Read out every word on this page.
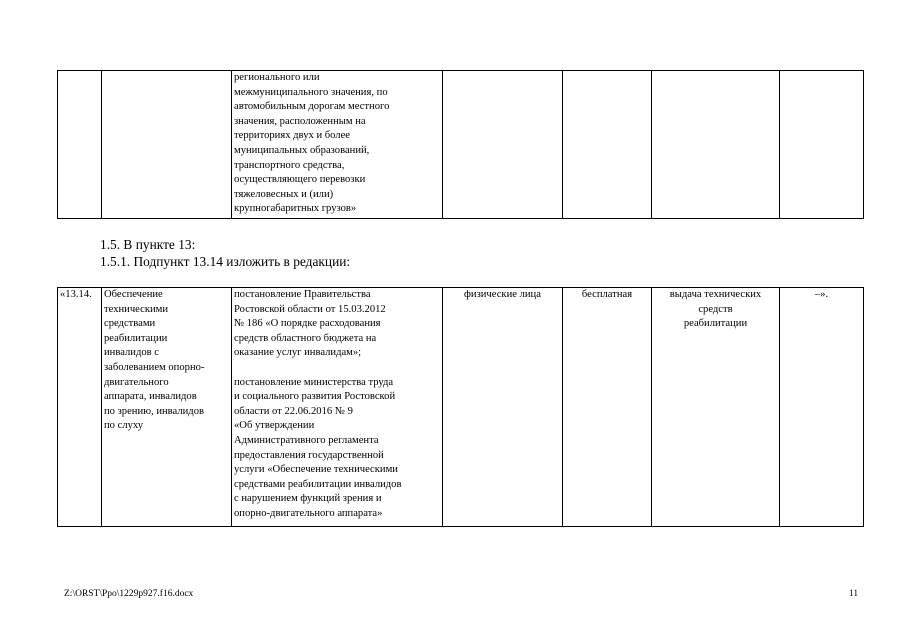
		регионального или
межмуниципального значения, по
автомобильным дорогам местного
значения, расположенным на
территориях двух и более
муниципальных образований,
транспортного средства,
осуществляющего перевозки
тяжеловесных и (или)
крупногабаритных грузов»				
1.5. В пункте 13:
1.5.1. Подпункт 13.14 изложить в редакции:
«13.14.	Обеспечение
техническими
средствами
реабилитации
инвалидов с
заболеванием опорно-
двигательного
аппарата, инвалидов
по зрению, инвалидов
по слуху	постановление Правительства
Ростовской области от 15.03.2012
№ 186 «О порядке расходования
средств областного бюджета на
оказание услуг инвалидам»;

постановление министерства труда
и социального развития Ростовской
области от 22.06.2016 № 9
«Об утверждении
Административного регламента
предоставления государственной
услуги «Обеспечение техническими
средствами реабилитации инвалидов
с нарушением функций зрения и
опорно-двигательного аппарата»	физические лица	бесплатная	выдача технических
средств
реабилитации	–».
Z:\ORST\Ppo\1229p927.f16.docx	11
